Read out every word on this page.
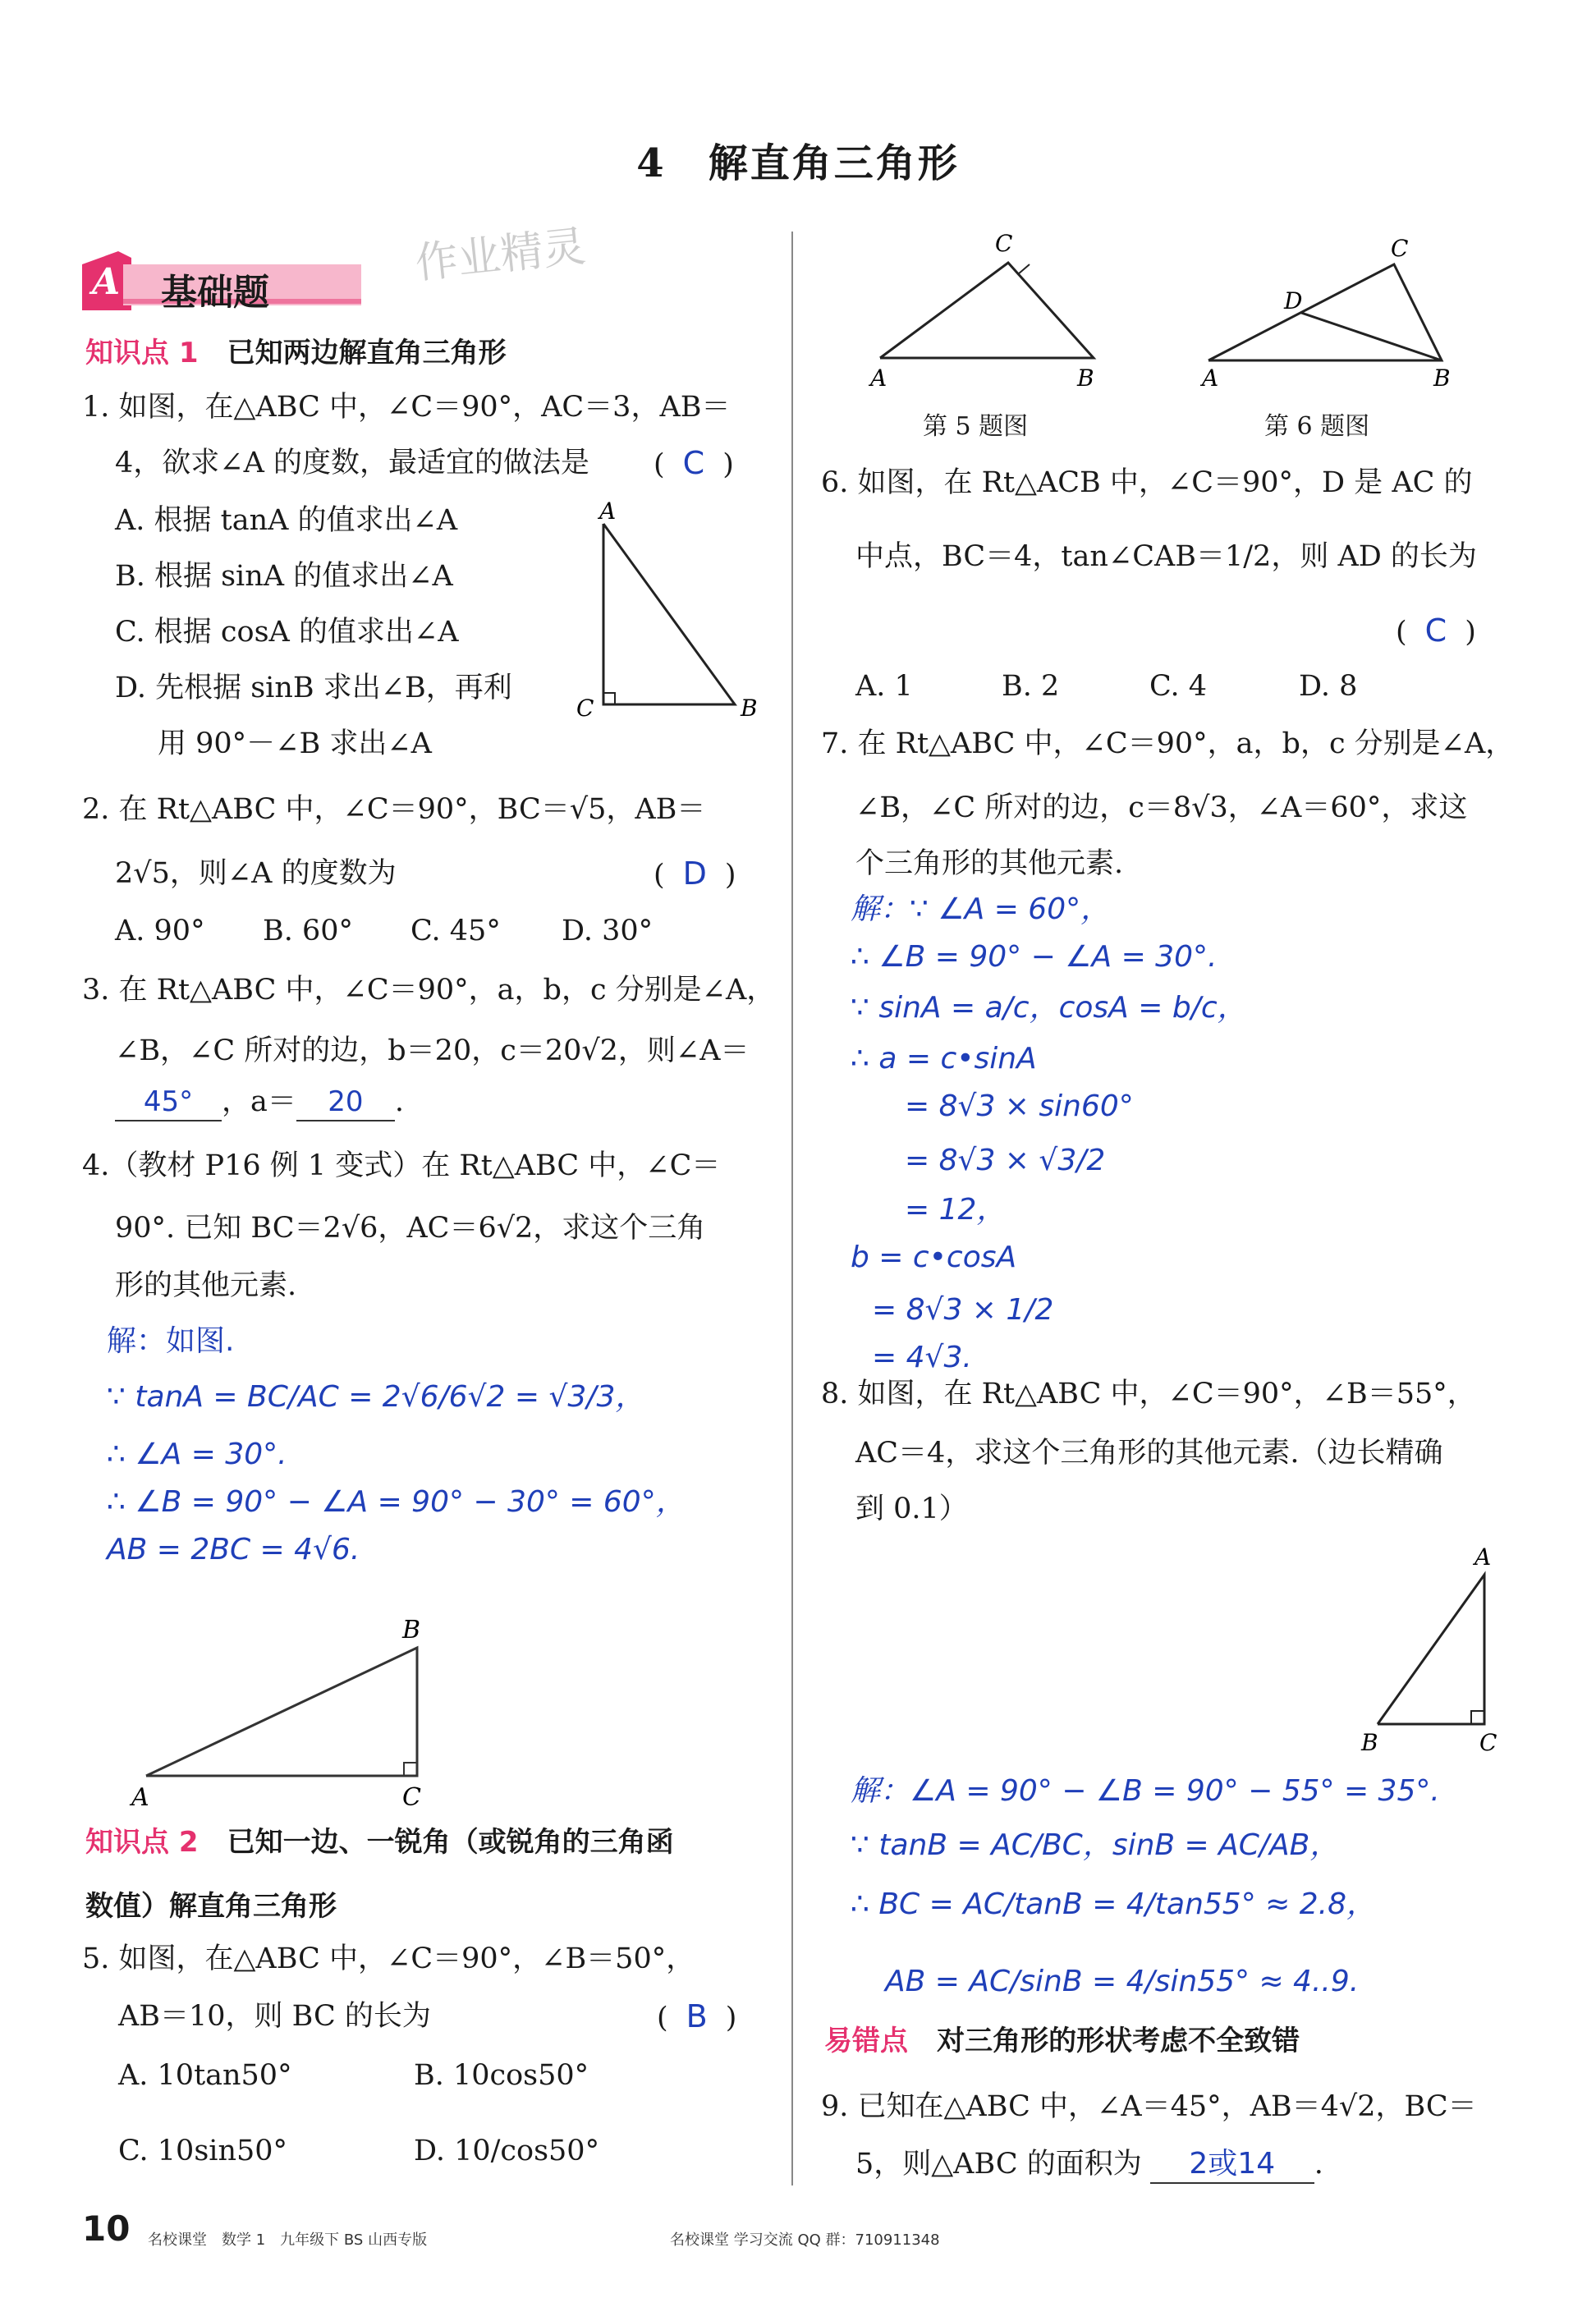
4　解直角三角形
A 基础题
作业精灵
知识点 1 已知两边解直角三角形
1. 如图，在△ABC 中，∠C＝90°，AC＝3，AB＝
4，欲求∠A 的度数，最适宜的做法是 ( C )
A. 根据 tanA 的值求出∠A
B. 根据 sinA 的值求出∠A
C. 根据 cosA 的值求出∠A
D. 先根据 sinB 求出∠B，再利
用 90°－∠B 求出∠A
A
C	B
2. 在 Rt△ABC 中，∠C＝90°，BC＝√5，AB＝
2√5，则∠A 的度数为	( D )
A. 90° B. 60° C. 45° D. 30°
3. 在 Rt△ABC 中，∠C＝90°，a，b，c 分别是∠A，
∠B，∠C 所对的边，b＝20，c＝20√2，则∠A＝
45° ，a＝ 20 .
4.（教材 P16 例 1 变式）在 Rt△ABC 中，∠C＝
90°. 已知 BC＝2√6，AC＝6√2，求这个三角
形的其他元素.
解：如图.
∵ tanA = BC/AC = 2√6/6√2 = √3/3，
∴ ∠A = 30°.
∴ ∠B = 90° − ∠A = 90° − 30° = 60°，
AB = 2BC = 4√6.
B
A	C
知识点 2 已知一边、一锐角（或锐角的三角函
数值）解直角三角形
5. 如图，在△ABC 中，∠C＝90°，∠B＝50°，
AB＝10，则 BC 的长为	( B )
A. 10tan50°	B. 10cos50°
C. 10sin50°	D. 10/cos50°
C
A	B
第 5 题图
C
D
A	B
第 6 题图
6. 如图，在 Rt△ACB 中，∠C＝90°，D 是 AC 的
中点，BC＝4，tan∠CAB＝1/2，则 AD 的长为
( C )
A. 1	B. 2	C. 4	D. 8
7. 在 Rt△ABC 中，∠C＝90°，a，b，c 分别是∠A，
∠B，∠C 所对的边，c＝8√3，∠A＝60°，求这
个三角形的其他元素.
解：∵ ∠A = 60°，
∴ ∠B = 90° − ∠A = 30°.
∵ sinA = a/c，cosA = b/c，
∴ a = c•sinA
= 8√3 × sin60°
= 8√3 × √3/2
= 12，
b = c•cosA
= 8√3 × 1/2
= 4√3.
8. 如图，在 Rt△ABC 中，∠C＝90°，∠B＝55°，
AC＝4，求这个三角形的其他元素.（边长精确
到 0.1）
A
B	C
解：∠A = 90° − ∠B = 90° − 55° = 35°.
∵ tanB = AC/BC，sinB = AC/AB，
∴ BC = AC/tanB = 4/tan55° ≈ 2.8，
AB = AC/sinB = 4/sin55° ≈ 4..9.
易错点 对三角形的形状考虑不全致错
9. 已知在△ABC 中，∠A＝45°，AB＝4√2，BC＝
5，则△ABC 的面积为 2或14 .
10 名校课堂　数学 1　九年级下 BS 山西专版	名校课堂 学习交流 QQ 群：710911348
